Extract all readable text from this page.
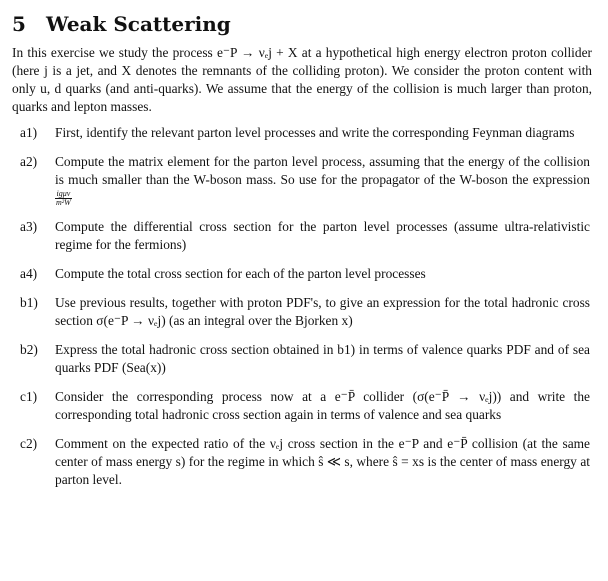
5	Weak Scattering

In this exercise we study the process e⁻P → νₑj + X at a hypothetical high energy electron proton collider (here j is a jet, and X denotes the remnants of the colliding proton). We consider the proton content with only u, d quarks (and anti-quarks). We assume that the energy of the collision is much larger than proton, quarks and lepton masses.

a1)	First, identify the relevant parton level processes and write the corresponding Feynman diagrams
a2)	Compute the matrix element for the parton level process, assuming that the energy of the collision is much smaller than the W-boson mass. So use for the propagator of the W-boson the expression
$\frac{\text{igμν}}{\text{m²W}}$
a3)	Compute the differential cross section for the parton level processes (assume ultra-relativistic regime for the fermions)
a4)	Compute the total cross section for each of the parton level processes
b1)	Use previous results, together with proton PDF's, to give an expression for the total hadronic cross section σ(e⁻P → νₑj) (as an integral over the Bjorken x)
b2)	Express the total hadronic cross section obtained in b1) in terms of valence quarks PDF and of sea quarks PDF (Sea(x))
c1)	Consider the corresponding process now at a e⁻P̄ collider (σ(e⁻P̄ → νₑj)) and write the corresponding total hadronic cross section again in terms of valence and sea quarks
c2)	Comment on the expected ratio of the νₑj cross section in the e⁻P and e⁻P̄ collision (at the same center of mass energy s) for the regime in which ŝ ≪ s, where ŝ = xs is the center of mass energy at parton level.
